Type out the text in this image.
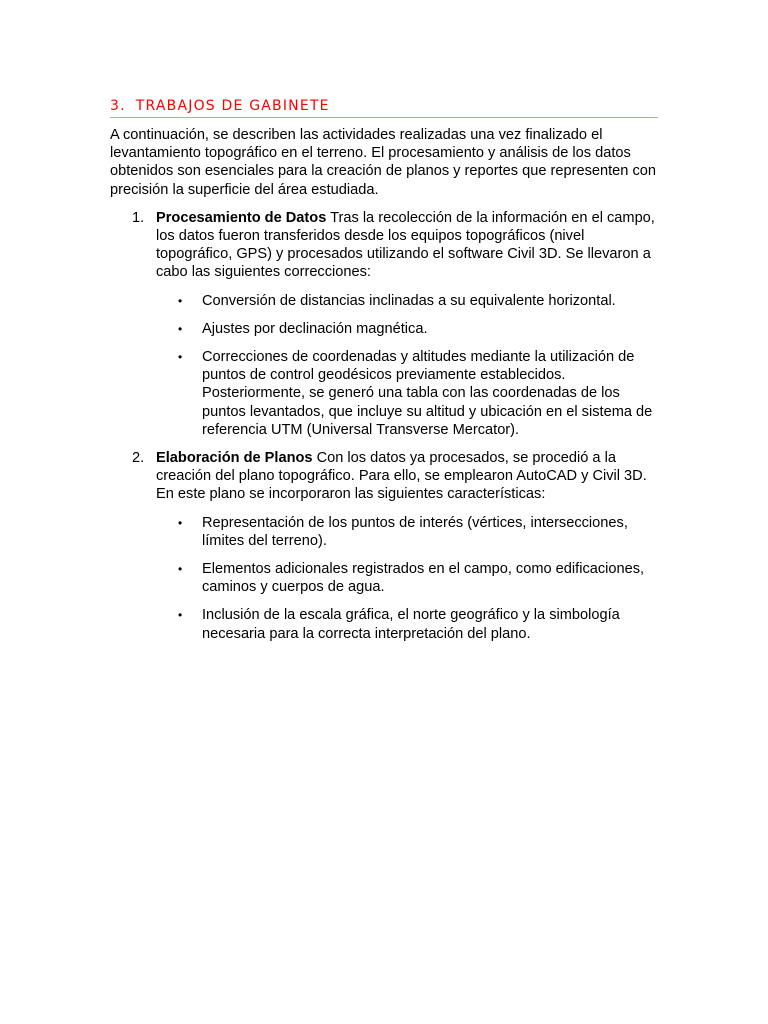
3. TRABAJOS DE GABINETE

A continuación, se describen las actividades realizadas una vez finalizado el levantamiento topográfico en el terreno. El procesamiento y análisis de los datos obtenidos son esenciales para la creación de planos y reportes que representen con precisión la superficie del área estudiada.

1. Procesamiento de Datos Tras la recolección de la información en el campo, los datos fueron transferidos desde los equipos topográficos (nivel topográfico, GPS) y procesados utilizando el software Civil 3D. Se llevaron a cabo las siguientes correcciones:

• Conversión de distancias inclinadas a su equivalente horizontal.
• Ajustes por declinación magnética.
• Correcciones de coordenadas y altitudes mediante la utilización de puntos de control geodésicos previamente establecidos. Posteriormente, se generó una tabla con las coordenadas de los puntos levantados, que incluye su altitud y ubicación en el sistema de referencia UTM (Universal Transverse Mercator).
2. Elaboración de Planos Con los datos ya procesados, se procedió a la creación del plano topográfico. Para ello, se emplearon AutoCAD y Civil 3D. En este plano se incorporaron las siguientes características:

• Representación de los puntos de interés (vértices, intersecciones, límites del terreno).
• Elementos adicionales registrados en el campo, como edificaciones, caminos y cuerpos de agua.
• Inclusión de la escala gráfica, el norte geográfico y la simbología necesaria para la correcta interpretación del plano.
